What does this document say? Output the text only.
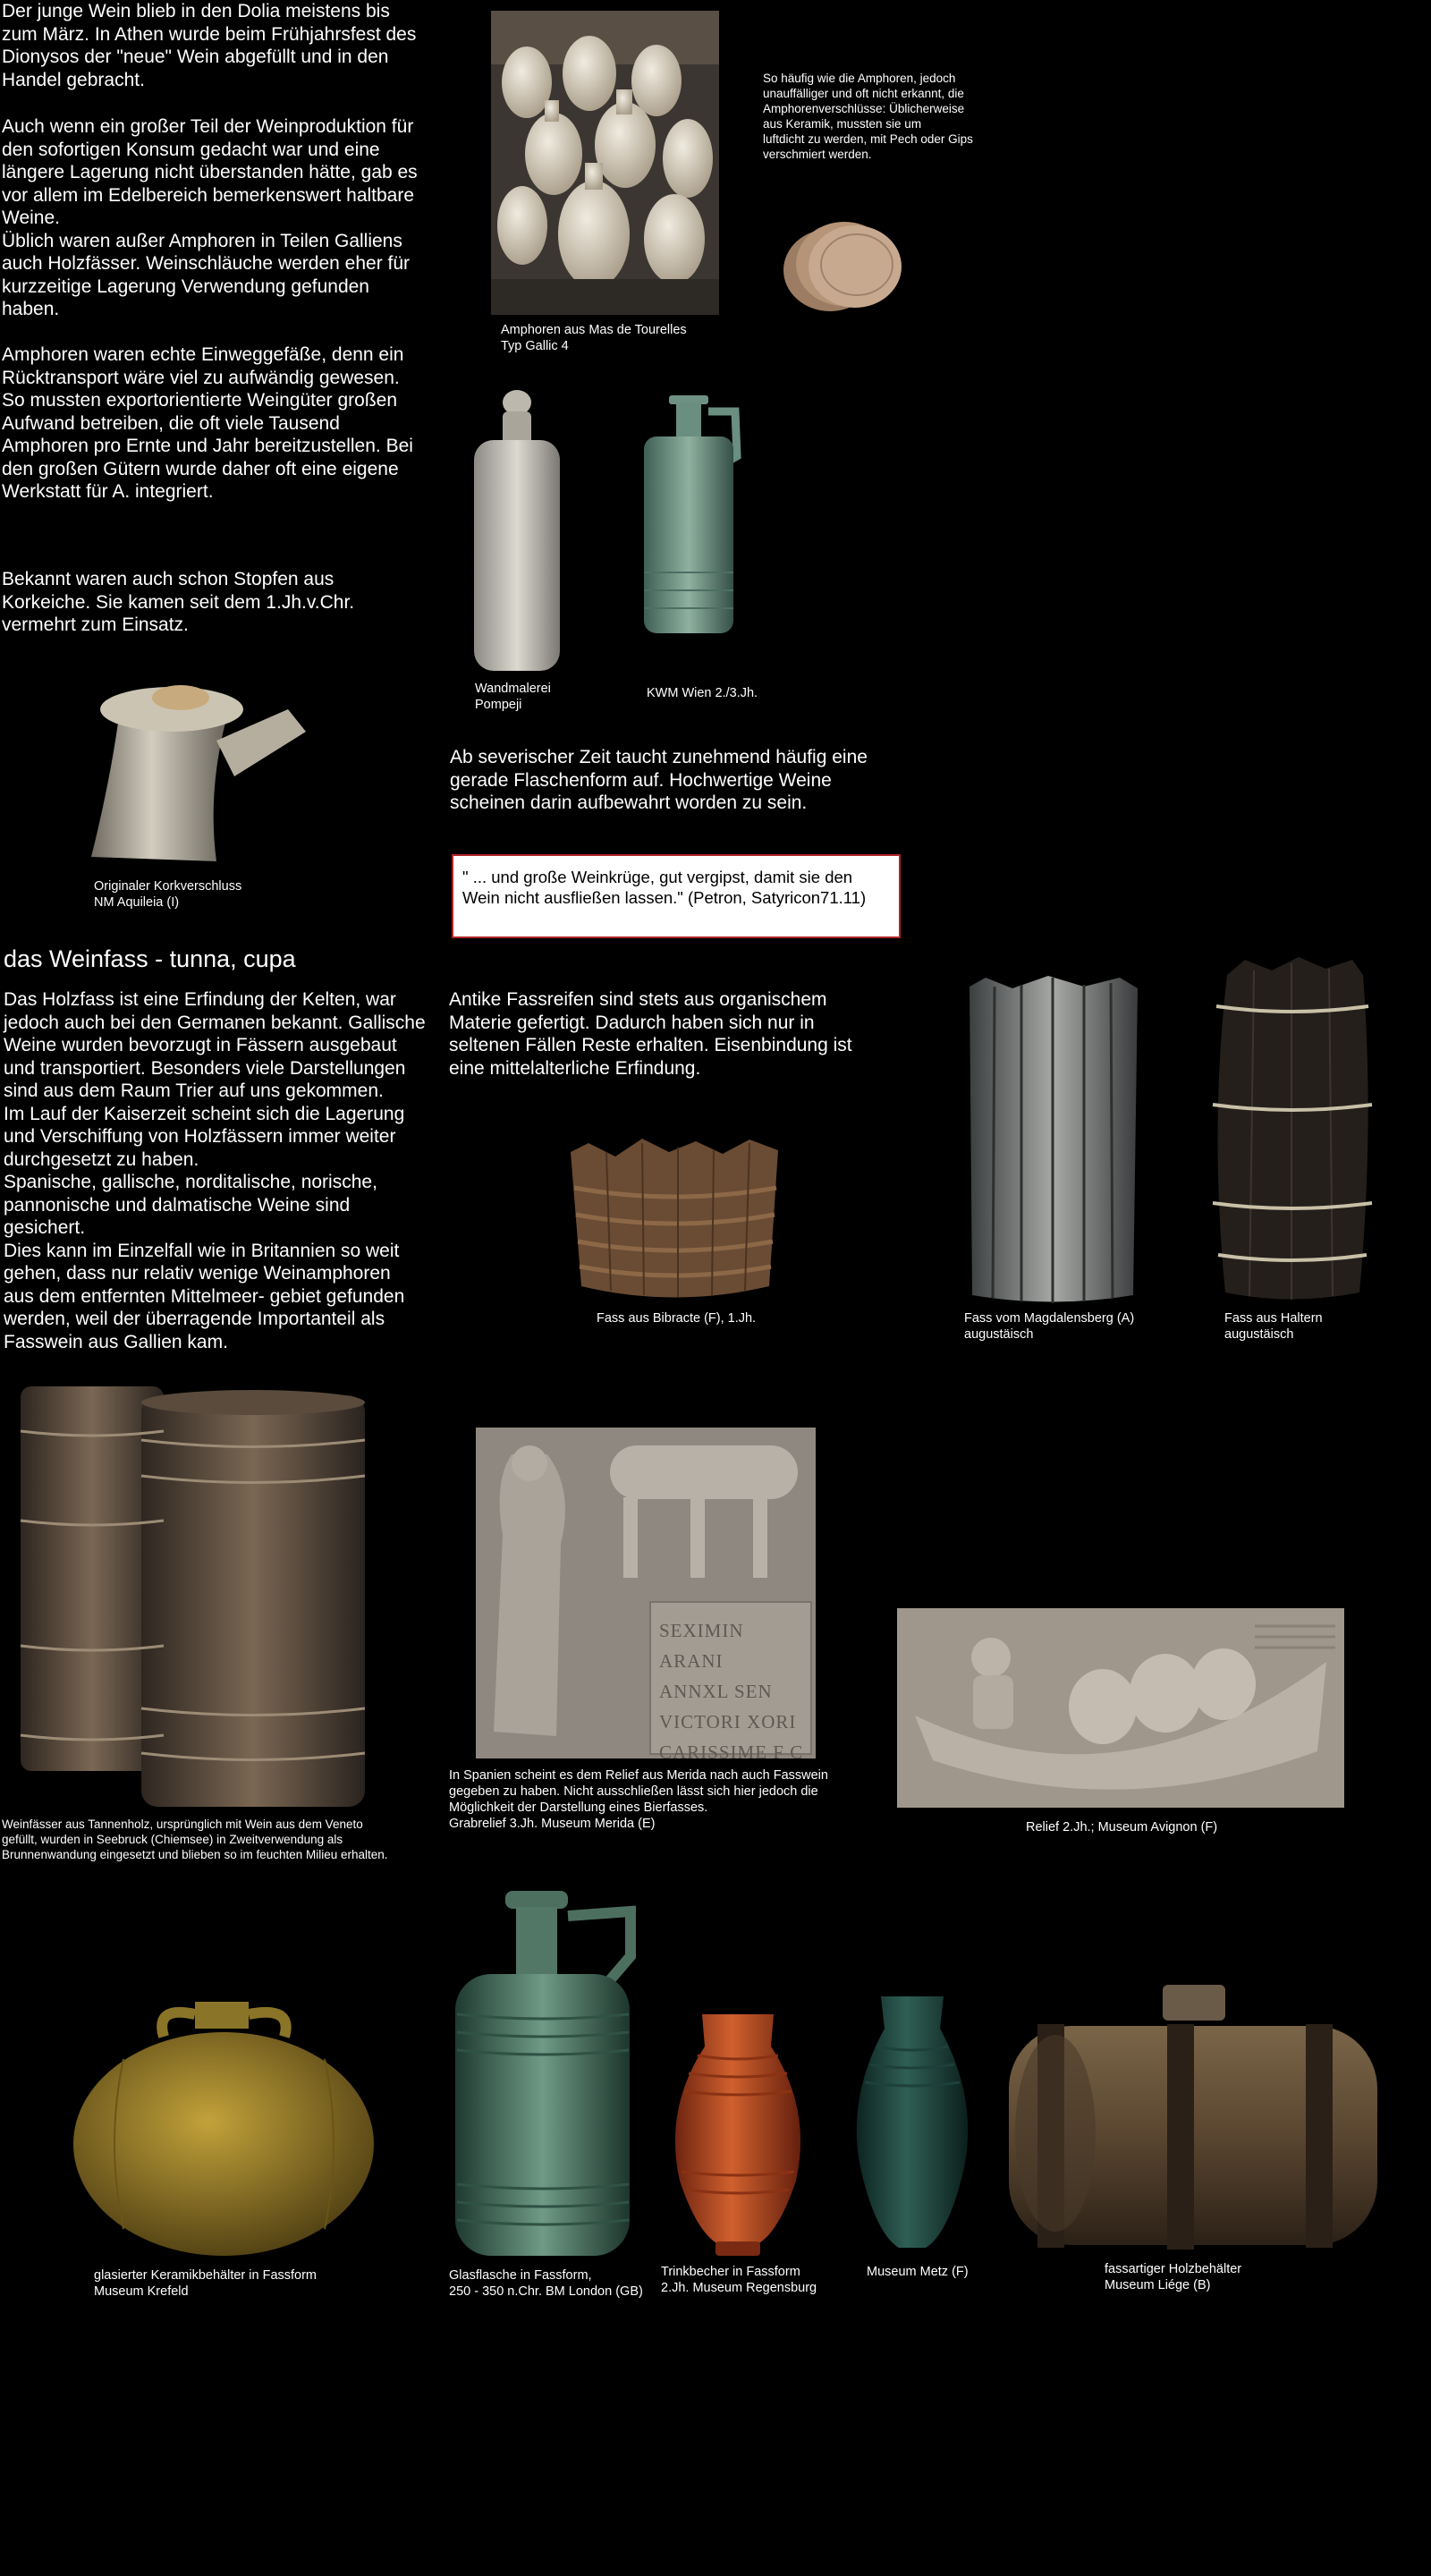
Der junge Wein blieb in den Dolia meistens bis
zum März. In Athen wurde beim Frühjahrsfest des
Dionysos der "neue" Wein abgefüllt und in den
Handel gebracht.
Auch wenn ein großer Teil der Weinproduktion für
den sofortigen Konsum gedacht war und eine
längere Lagerung nicht überstanden hätte, gab es
vor allem im Edelbereich bemerkenswert haltbare
Weine.
Üblich waren außer Amphoren in Teilen Galliens
auch Holzfässer. Weinschläuche werden eher für
kurzzeitige Lagerung Verwendung gefunden
haben.
Amphoren waren echte Einweggefäße, denn ein
Rücktransport wäre viel zu aufwändig gewesen.
So mussten exportorientierte Weingüter großen
Aufwand betreiben, die oft viele Tausend
Amphoren pro Ernte und Jahr bereitzustellen. Bei
den großen Gütern wurde daher oft eine eigene
Werkstatt für A. integriert.
Bekannt waren auch schon Stopfen aus
Korkeiche. Sie kamen seit dem 1.Jh.v.Chr.
vermehrt zum Einsatz.
So häufig wie die Amphoren, jedoch
unauffälliger und oft nicht erkannt, die
Amphorenverschlüsse: Üblicherweise
aus Keramik, mussten sie um
luftdicht zu werden, mit Pech oder Gips
verschmiert werden.
Ab severischer Zeit taucht zunehmend häufig eine
gerade Flaschenform auf. Hochwertige Weine
scheinen darin aufbewahrt worden zu sein.
" ... und große Weinkrüge, gut vergipst, damit sie den
Wein nicht ausfließen lassen." (Petron, Satyricon71.11)
das Weinfass - tunna, cupa
Das Holzfass ist eine Erfindung der Kelten, war
jedoch auch bei den Germanen bekannt. Gallische
Weine wurden bevorzugt in Fässern ausgebaut
und transportiert. Besonders viele Darstellungen
sind aus dem Raum Trier auf uns gekommen.
Im Lauf der Kaiserzeit scheint sich die Lagerung
und Verschiffung von Holzfässern immer weiter
durchgesetzt zu haben.
Spanische, gallische, norditalische, norische,
pannonische und dalmatische Weine sind
gesichert.
Dies kann im Einzelfall wie in Britannien so weit
gehen, dass nur relativ wenige Weinamphoren
aus dem entfernten Mittelmeer- gebiet gefunden
werden, weil der überragende Importanteil als
Fasswein aus Gallien kam.
Antike Fassreifen sind stets aus organischem
Materie gefertigt. Dadurch haben sich nur in
seltenen Fällen Reste erhalten. Eisenbindung ist
eine mittelalterliche Erfindung.
Amphoren aus Mas de Tourelles
Typ Gallic 4
Wandmalerei
Pompeji
KWM Wien 2./3.Jh.
Originaler Korkverschluss
NM Aquileia (I)
Fass aus Bibracte (F), 1.Jh.	Fass vom Magdalensberg (A)
augustäisch
Fass aus Haltern
augustäisch
Weinfässer aus Tannenholz, ursprünglich mit Wein aus dem Veneto
gefüllt, wurden in Seebruck (Chiemsee) in Zweitverwendung als
Brunnenwandung eingesetzt und blieben so im feuchten Milieu erhalten.
In Spanien scheint es dem Relief aus Merida nach auch Fasswein
gegeben zu haben. Nicht ausschließen lässt sich hier jedoch die
Möglichkeit der Darstellung eines Bierfasses.
Grabrelief 3.Jh. Museum Merida (E)	Relief 2.Jh.; Museum Avignon (F)
glasierter Keramikbehälter in Fassform
Museum Krefeld
Glasflasche in Fassform,
250 - 350 n.Chr. BM London (GB)
Trinkbecher in Fassform
2.Jh. Museum Regensburg
Museum Metz (F)	fassartiger Holzbehälter
Museum Liége (B)
SEXIMIN ARANI
ANNXL SEN
VICTORI XORI
CARISSIME F C
